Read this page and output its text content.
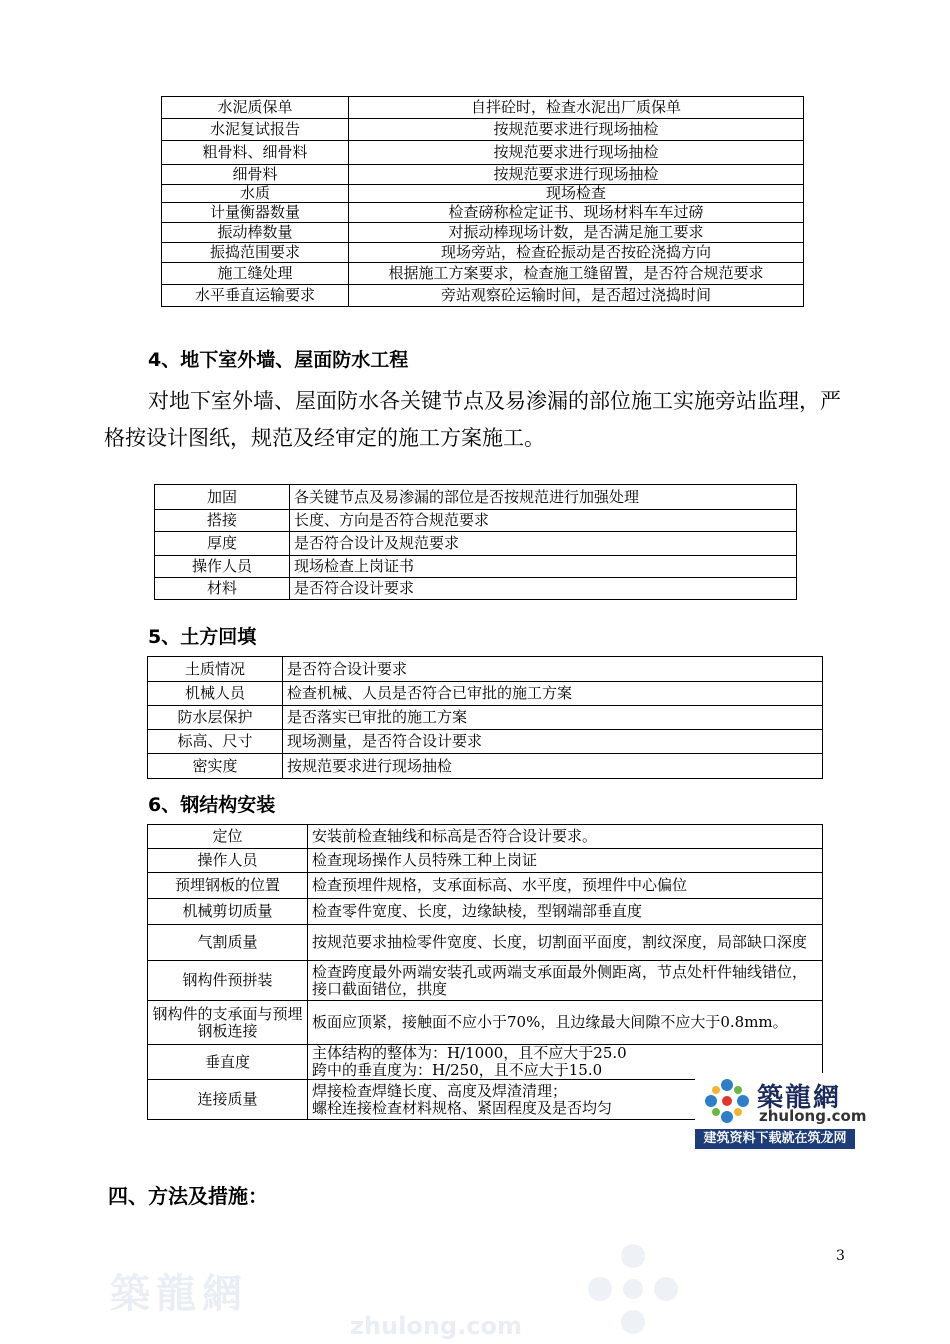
水泥质保单	自拌砼时，检查水泥出厂质保单
水泥复试报告	按规范要求进行现场抽检
粗骨料、细骨料	按规范要求进行现场抽检
细骨料	按规范要求进行现场抽检
水质	现场检查
计量衡器数量	检查磅称检定证书、现场材料车车过磅
振动棒数量	对振动棒现场计数，是否满足施工要求
振捣范围要求	现场旁站，检查砼振动是否按砼浇捣方向
施工缝处理	根据施工方案要求，检查施工缝留置，是否符合规范要求
水平垂直运输要求	旁站观察砼运输时间，是否超过浇捣时间
4、地下室外墙、屋面防水工程
对地下室外墙、屋面防水各关键节点及易渗漏的部位施工实施旁站监理，严格按设计图纸，规范及经审定的施工方案施工。
加固	各关键节点及易渗漏的部位是否按规范进行加强处理
搭接	长度、方向是否符合规范要求
厚度	是否符合设计及规范要求
操作人员	现场检查上岗证书
材料	是否符合设计要求
5、土方回填
土质情况	是否符合设计要求
机械人员	检查机械、人员是否符合已审批的施工方案
防水层保护	是否落实已审批的施工方案
标高、尺寸	现场测量，是否符合设计要求
密实度	按规范要求进行现场抽检
6、钢结构安装
定位	安装前检查轴线和标高是否符合设计要求。
操作人员	检查现场操作人员特殊工种上岗证
预埋钢板的位置	检查预埋件规格，支承面标高、水平度，预埋件中心偏位
机械剪切质量	检查零件宽度、长度，边缘缺棱，型钢端部垂直度
气割质量	按规范要求抽检零件宽度、长度，切割面平面度，割纹深度，局部缺口深度
钢构件预拼装	检查跨度最外两端安装孔或两端支承面最外侧距离，节点处杆件轴线错位，接口截面错位，拱度
钢构件的支承面与预埋钢板连接	板面应顶紧，接触面不应小于70%，且边缘最大间隙不应大于0.8mm。
垂直度	主体结构的整体为：H/1000，且不应大于25.0
跨中的垂直度为：H/250，且不应大于15.0
连接质量	焊接检查焊缝长度、高度及焊渣清理；
螺栓连接检查材料规格、紧固程度及是否均匀
四、方法及措施：
築龍網
zhulong.com
建筑资料下载就在筑龙网
3
築龍網
zhulong.com
